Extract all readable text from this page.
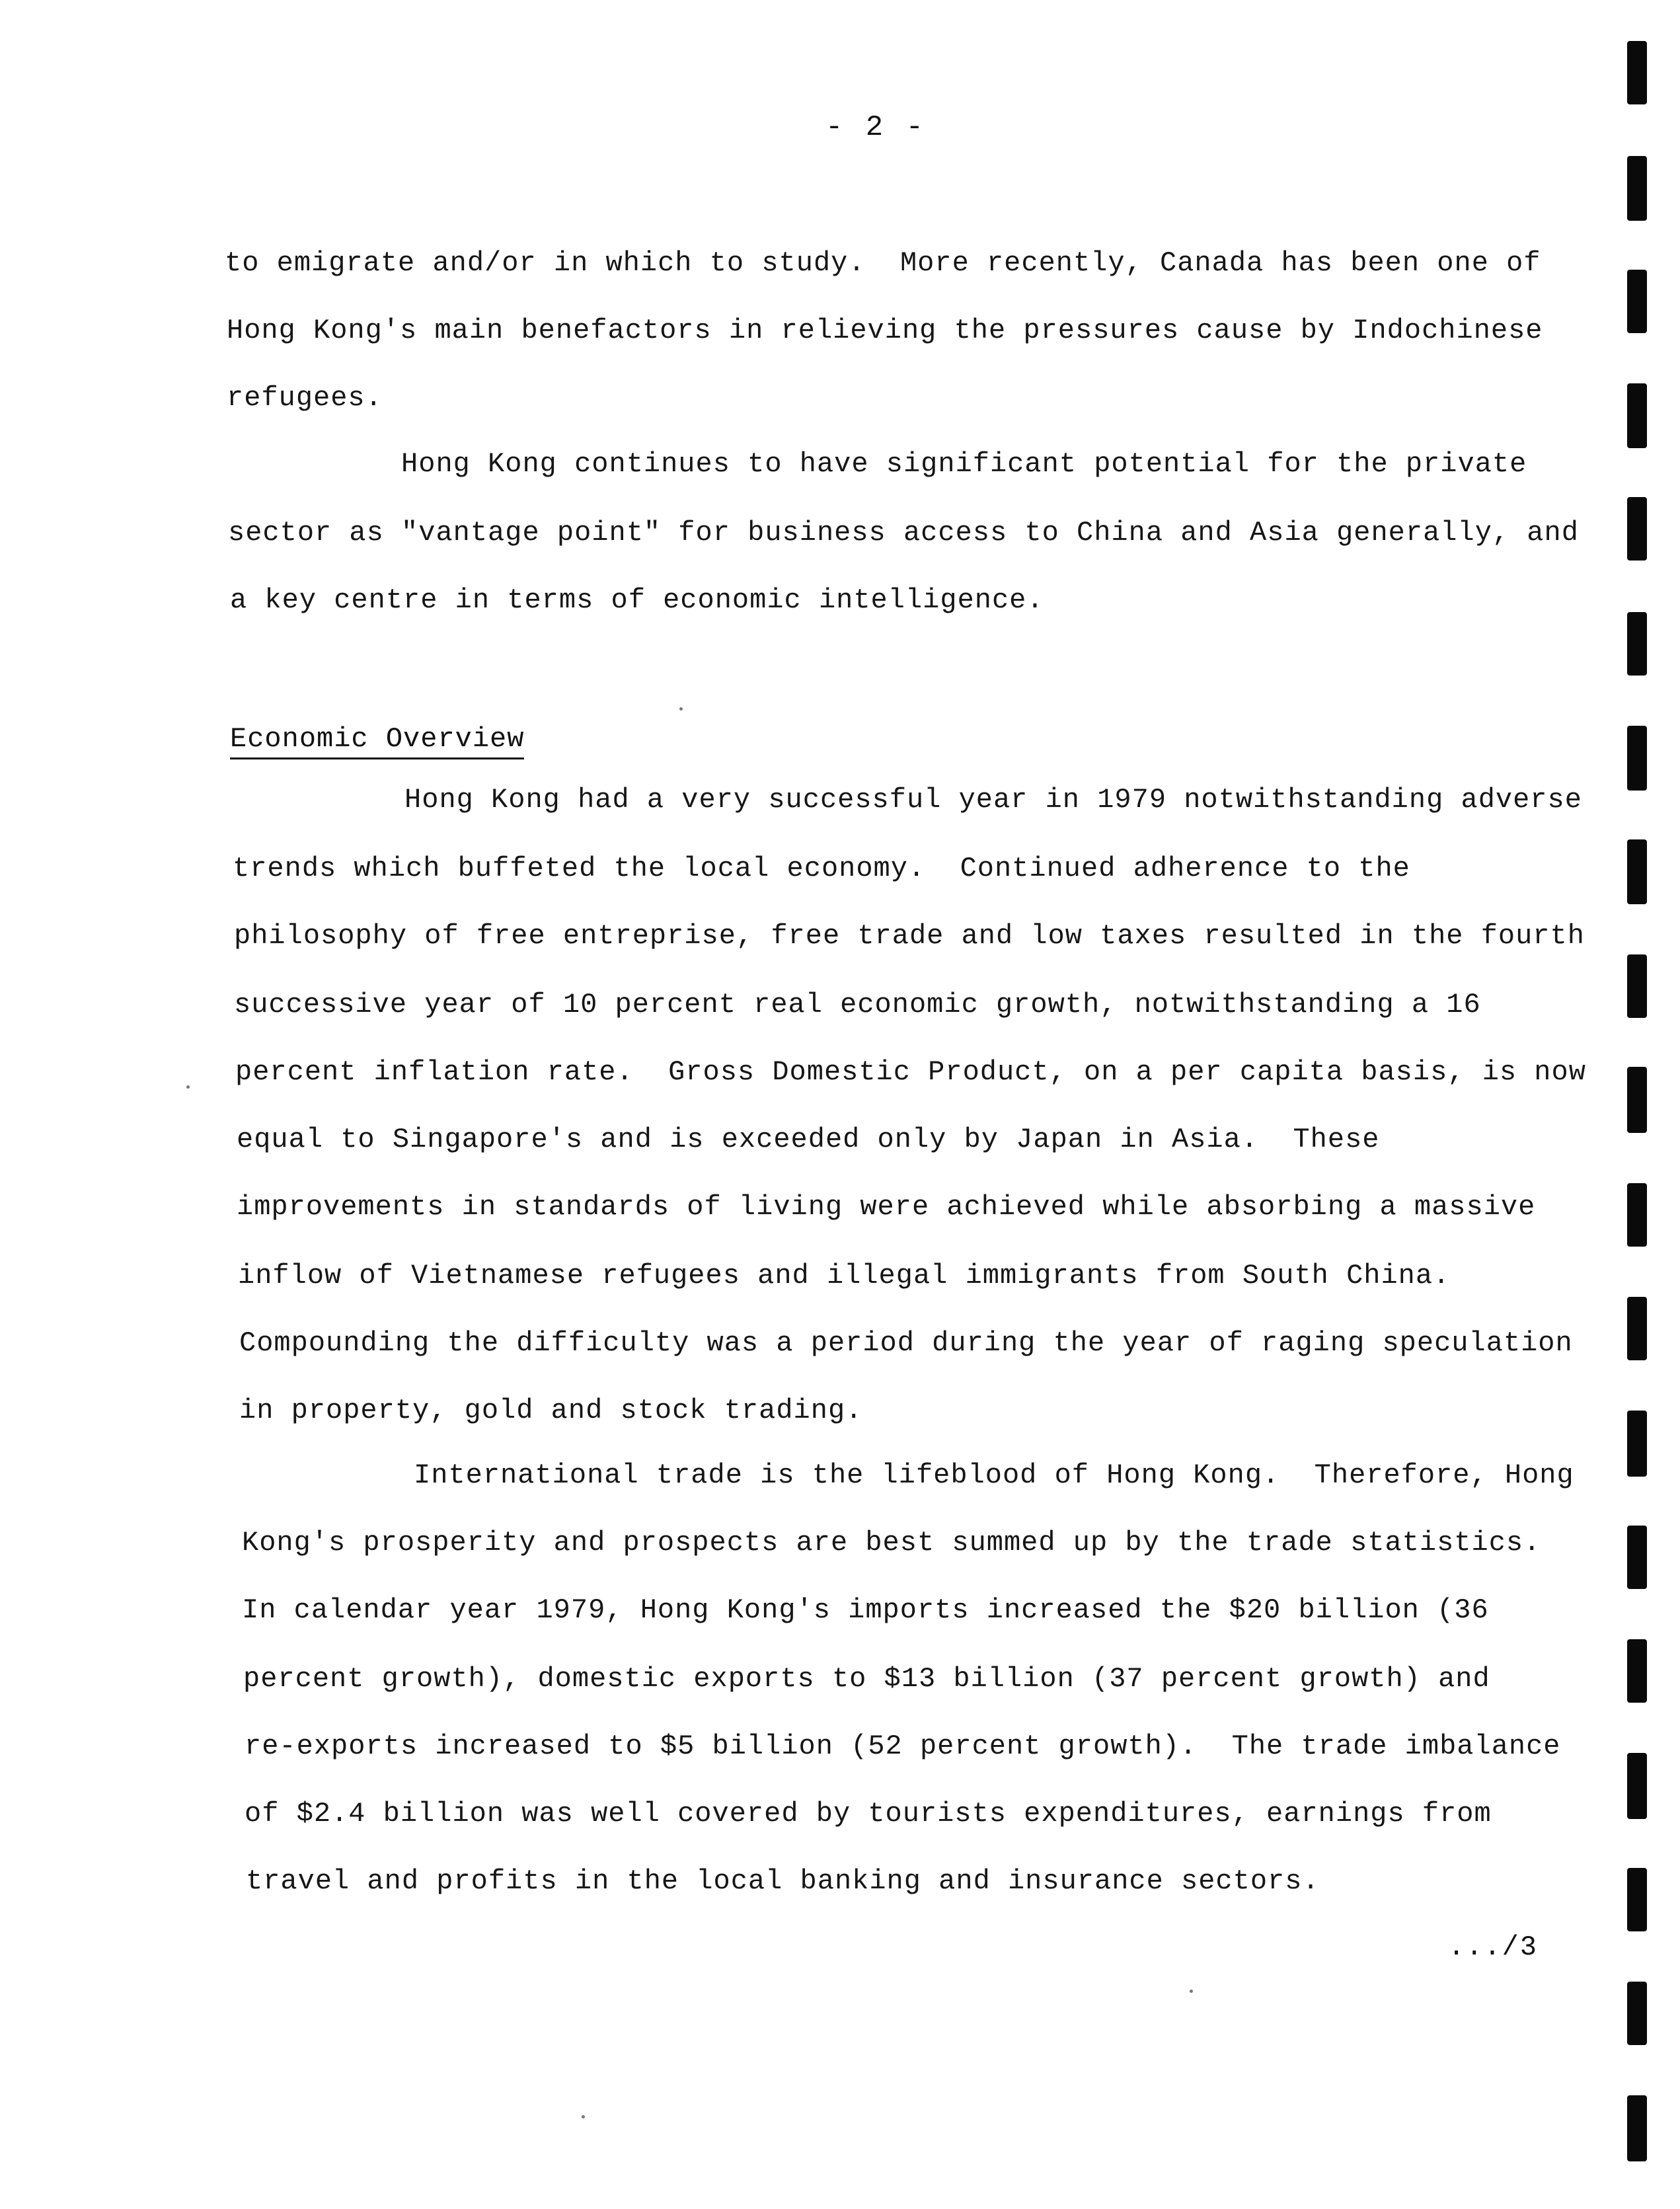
- 2 -
to emigrate and/or in which to study.  More recently, Canada has been one of
Hong Kong's main benefactors in relieving the pressures cause by Indochinese
refugees.
Hong Kong continues to have significant potential for the private
sector as "vantage point" for business access to China and Asia generally, and
a key centre in terms of economic intelligence.
Economic Overview
Hong Kong had a very successful year in 1979 notwithstanding adverse
trends which buffeted the local economy.  Continued adherence to the
philosophy of free entreprise, free trade and low taxes resulted in the fourth
successive year of 10 percent real economic growth, notwithstanding a 16
percent inflation rate.  Gross Domestic Product, on a per capita basis, is now
equal to Singapore's and is exceeded only by Japan in Asia.  These
improvements in standards of living were achieved while absorbing a massive
inflow of Vietnamese refugees and illegal immigrants from South China.
Compounding the difficulty was a period during the year of raging speculation
in property, gold and stock trading.
International trade is the lifeblood of Hong Kong.  Therefore, Hong
Kong's prosperity and prospects are best summed up by the trade statistics.
In calendar year 1979, Hong Kong's imports increased the $20 billion (36
percent growth), domestic exports to $13 billion (37 percent growth) and
re-exports increased to $5 billion (52 percent growth).  The trade imbalance
of $2.4 billion was well covered by tourists expenditures, earnings from
travel and profits in the local banking and insurance sectors.
.../3
